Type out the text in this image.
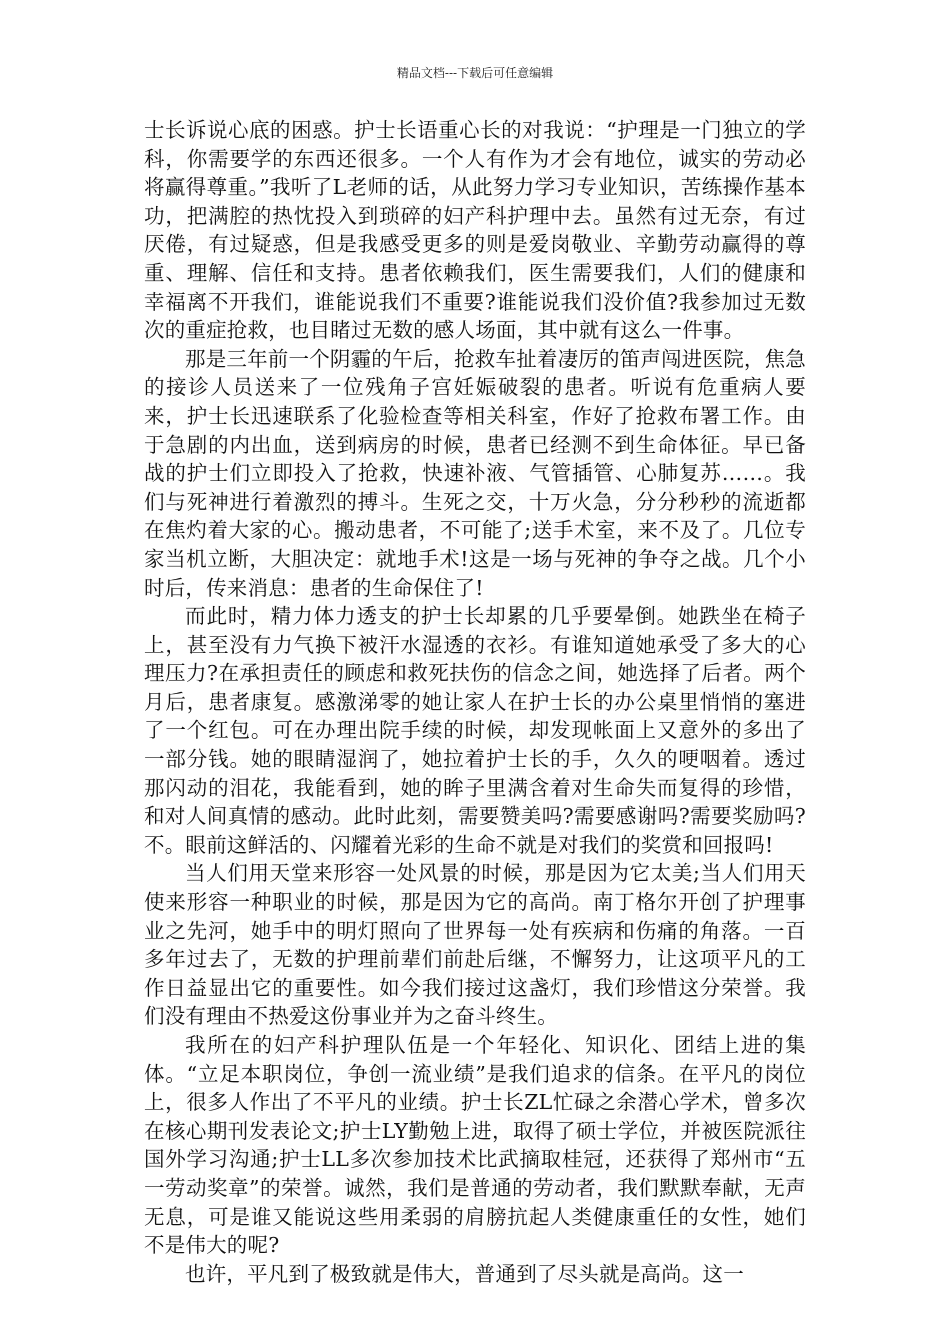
精品文档---下载后可任意编辑

士长诉说心底的困惑。护士长语重心长的对我说：“护理是一门独立的学科，你需要学的东西还很多。一个人有作为才会有地位，诚实的劳动必将赢得尊重。”我听了L老师的话，从此努力学习专业知识，苦练操作基本功，把满腔的热忱投入到琐碎的妇产科护理中去。虽然有过无奈，有过厌倦，有过疑惑，但是我感受更多的则是爱岗敬业、辛勤劳动赢得的尊重、理解、信任和支持。患者依赖我们，医生需要我们，人们的健康和幸福离不开我们，谁能说我们不重要?谁能说我们没价值?我参加过无数次的重症抢救，也目睹过无数的感人场面，其中就有这么一件事。

那是三年前一个阴霾的午后，抢救车扯着凄厉的笛声闯进医院，焦急的接诊人员送来了一位残角子宫妊娠破裂的患者。听说有危重病人要来，护士长迅速联系了化验检查等相关科室，作好了抢救布署工作。由于急剧的内出血，送到病房的时候，患者已经测不到生命体征。早已备战的护士们立即投入了抢救，快速补液、气管插管、心肺复苏……。我们与死神进行着激烈的搏斗。生死之交，十万火急，分分秒秒的流逝都在焦灼着大家的心。搬动患者，不可能了;送手术室，来不及了。几位专家当机立断，大胆决定：就地手术!这是一场与死神的争夺之战。几个小时后，传来消息：患者的生命保住了!

而此时，精力体力透支的护士长却累的几乎要晕倒。她跌坐在椅子上，甚至没有力气换下被汗水湿透的衣衫。有谁知道她承受了多大的心理压力?在承担责任的顾虑和救死扶伤的信念之间，她选择了后者。两个月后，患者康复。感激涕零的她让家人在护士长的办公桌里悄悄的塞进了一个红包。可在办理出院手续的时候，却发现帐面上又意外的多出了一部分钱。她的眼睛湿润了，她拉着护士长的手，久久的哽咽着。透过那闪动的泪花，我能看到，她的眸子里满含着对生命失而复得的珍惜，和对人间真情的感动。此时此刻，需要赞美吗?需要感谢吗?需要奖励吗?不。眼前这鲜活的、闪耀着光彩的生命不就是对我们的奖赏和回报吗!

当人们用天堂来形容一处风景的时候，那是因为它太美;当人们用天使来形容一种职业的时候，那是因为它的高尚。南丁格尔开创了护理事业之先河，她手中的明灯照向了世界每一处有疾病和伤痛的角落。一百多年过去了，无数的护理前辈们前赴后继，不懈努力，让这项平凡的工作日益显出它的重要性。如今我们接过这盏灯，我们珍惜这分荣誉。我们没有理由不热爱这份事业并为之奋斗终生。

我所在的妇产科护理队伍是一个年轻化、知识化、团结上进的集体。“立足本职岗位，争创一流业绩”是我们追求的信条。在平凡的岗位上，很多人作出了不平凡的业绩。护士长ZL忙碌之余潜心学术，曾多次在核心期刊发表论文;护士LY勤勉上进，取得了硕士学位，并被医院派往国外学习沟通;护士LL多次参加技术比武摘取桂冠，还获得了郑州市“五一劳动奖章”的荣誉。诚然，我们是普通的劳动者，我们默默奉献，无声无息，可是谁又能说这些用柔弱的肩膀抗起人类健康重任的女性，她们不是伟大的呢?

也许，平凡到了极致就是伟大，普通到了尽头就是高尚。这一
